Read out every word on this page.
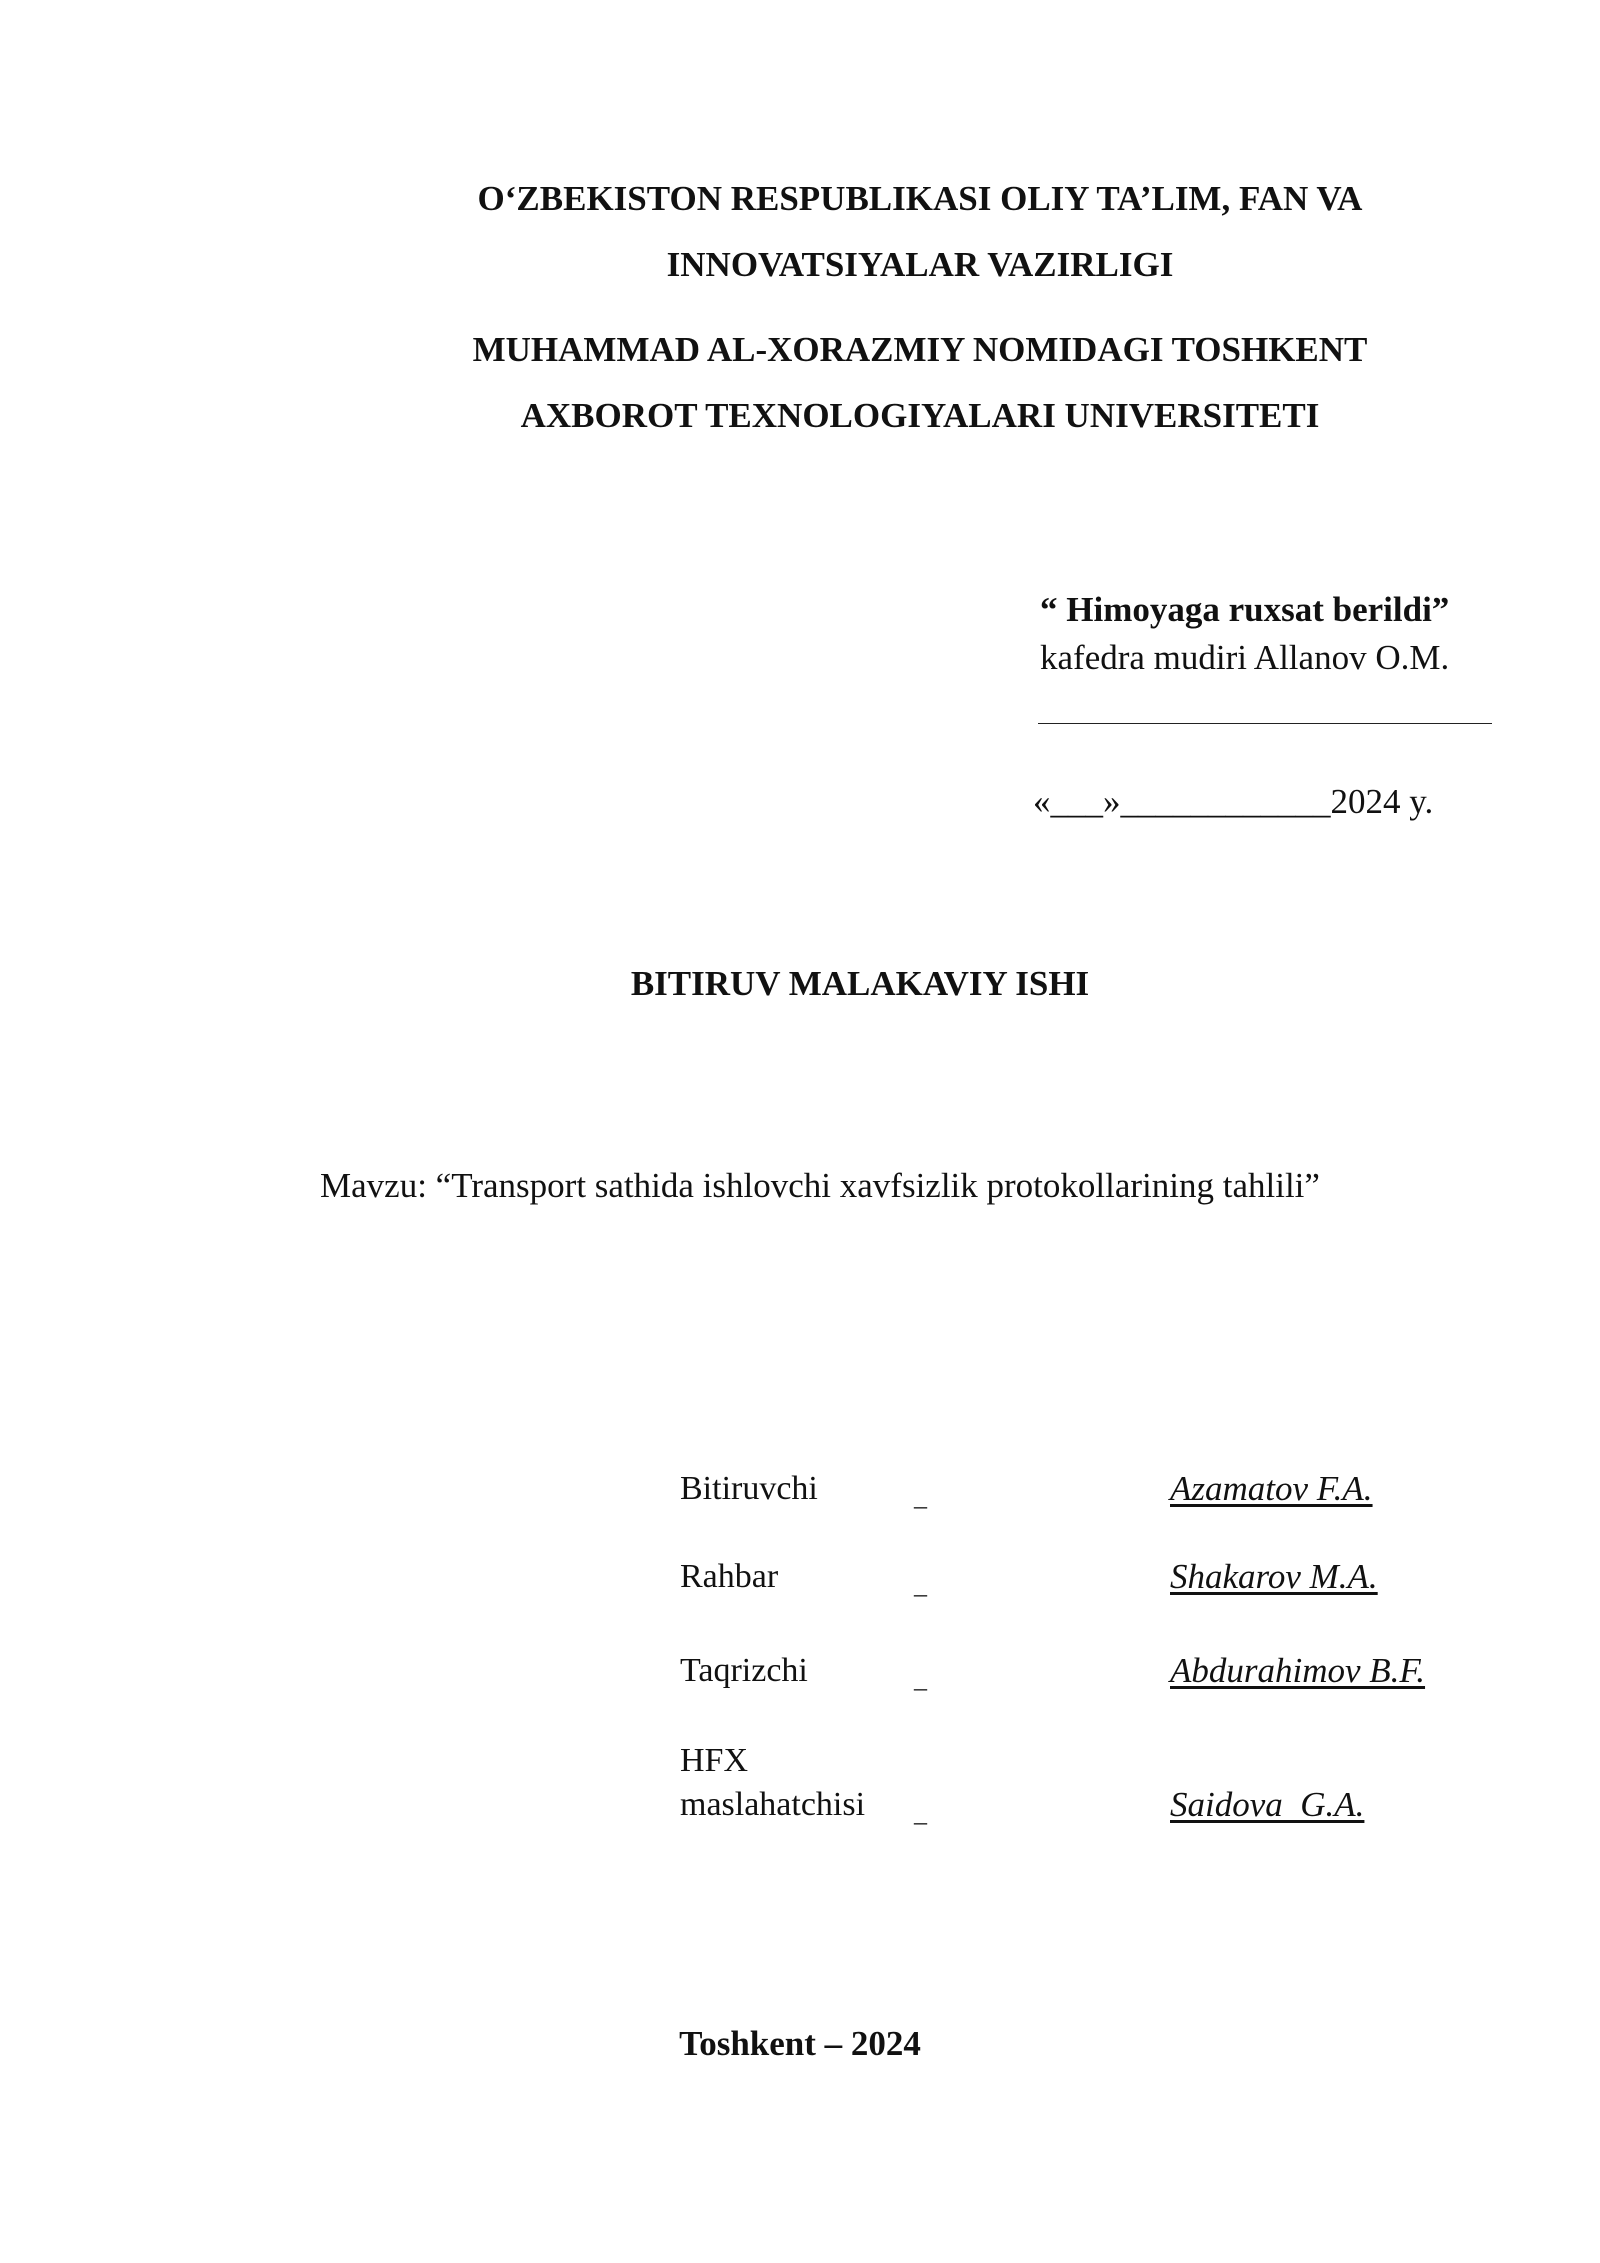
O‘ZBEKISTON RESPUBLIKASI OLIY TA’LIM, FAN VA
INNOVATSIYALAR VAZIRLIGI
MUHAMMAD AL-XORAZMIY NOMIDAGI TOSHKENT
AXBOROT TEXNOLOGIYALARI UNIVERSITETI
“ Himoyaga ruxsat berildi”
kafedra mudiri Allanov O.M.
«___»____________2024 y.
BITIRUV MALAKAVIY ISHI
Mavzu: “Transport sathida ishlovchi xavfsizlik protokollarining tahlili”
Bitiruvchi	_	Azamatov F.A.
Rahbar	_	Shakarov M.A.
Taqrizchi	_	Abdurahimov B.F.
HFX
maslahatchisi	_	Saidova  G.A.
Toshkent – 2024
